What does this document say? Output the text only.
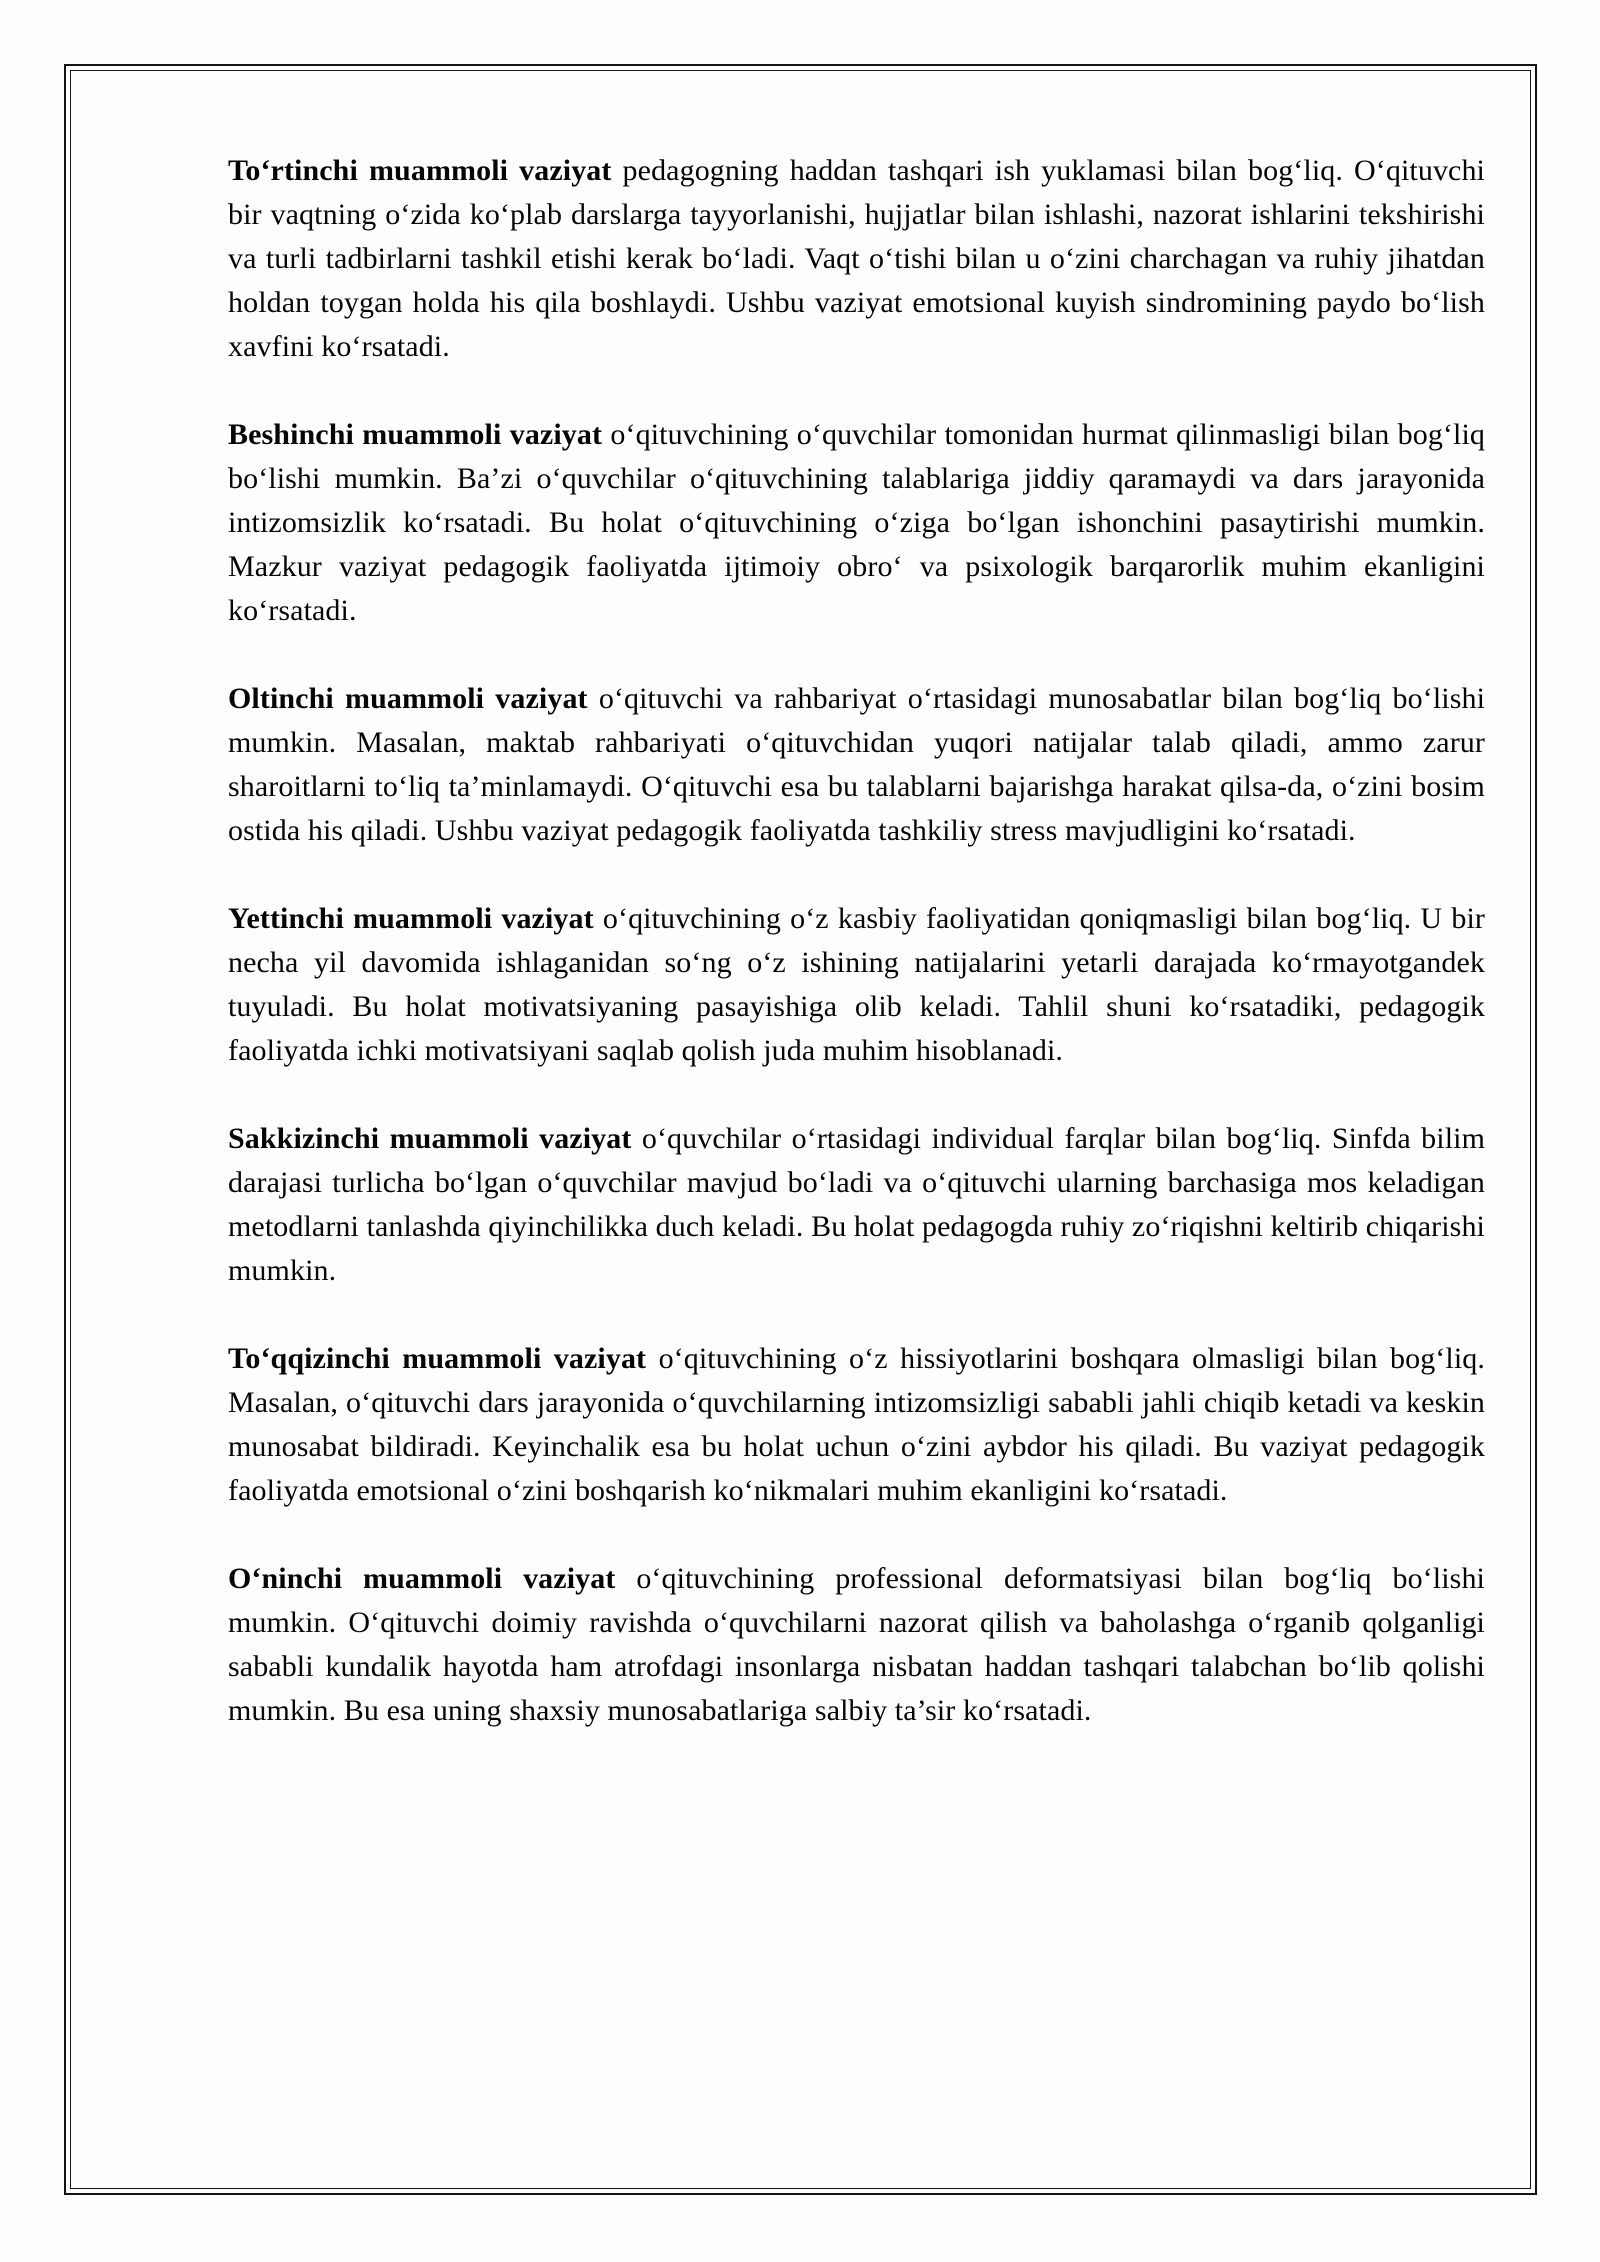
To‘rtinchi muammoli vaziyat pedagogning haddan tashqari ish yuklamasi bilan bog‘liq. O‘qituvchi bir vaqtning o‘zida ko‘plab darslarga tayyorlanishi, hujjatlar bilan ishlashi, nazorat ishlarini tekshirishi va turli tadbirlarni tashkil etishi kerak bo‘ladi. Vaqt o‘tishi bilan u o‘zini charchagan va ruhiy jihatdan holdan toygan holda his qila boshlaydi. Ushbu vaziyat emotsional kuyish sindromining paydo bo‘lish xavfini ko‘rsatadi.

Beshinchi muammoli vaziyat o‘qituvchining o‘quvchilar tomonidan hurmat qilinmasligi bilan bog‘liq bo‘lishi mumkin. Ba’zi o‘quvchilar o‘qituvchining talablariga jiddiy qaramaydi va dars jarayonida intizomsizlik ko‘rsatadi. Bu holat o‘qituvchining o‘ziga bo‘lgan ishonchini pasaytirishi mumkin. Mazkur vaziyat pedagogik faoliyatda ijtimoiy obro‘ va psixologik barqarorlik muhim ekanligini ko‘rsatadi.

Oltinchi muammoli vaziyat o‘qituvchi va rahbariyat o‘rtasidagi munosabatlar bilan bog‘liq bo‘lishi mumkin. Masalan, maktab rahbariyati o‘qituvchidan yuqori natijalar talab qiladi, ammo zarur sharoitlarni to‘liq ta’minlamaydi. O‘qituvchi esa bu talablarni bajarishga harakat qilsa-da, o‘zini bosim ostida his qiladi. Ushbu vaziyat pedagogik faoliyatda tashkiliy stress mavjudligini ko‘rsatadi.

Yettinchi muammoli vaziyat o‘qituvchining o‘z kasbiy faoliyatidan qoniqmasligi bilan bog‘liq. U bir necha yil davomida ishlaganidan so‘ng o‘z ishining natijalarini yetarli darajada ko‘rmayotgandek tuyuladi. Bu holat motivatsiyaning pasayishiga olib keladi. Tahlil shuni ko‘rsatadiki, pedagogik faoliyatda ichki motivatsiyani saqlab qolish juda muhim hisoblanadi.

Sakkizinchi muammoli vaziyat o‘quvchilar o‘rtasidagi individual farqlar bilan bog‘liq. Sinfda bilim darajasi turlicha bo‘lgan o‘quvchilar mavjud bo‘ladi va o‘qituvchi ularning barchasiga mos keladigan metodlarni tanlashda qiyinchilikka duch keladi. Bu holat pedagogda ruhiy zo‘riqishni keltirib chiqarishi mumkin.

To‘qqizinchi muammoli vaziyat o‘qituvchining o‘z hissiyotlarini boshqara olmasligi bilan bog‘liq. Masalan, o‘qituvchi dars jarayonida o‘quvchilarning intizomsizligi sababli jahli chiqib ketadi va keskin munosabat bildiradi. Keyinchalik esa bu holat uchun o‘zini aybdor his qiladi. Bu vaziyat pedagogik faoliyatda emotsional o‘zini boshqarish ko‘nikmalari muhim ekanligini ko‘rsatadi.

O‘ninchi muammoli vaziyat o‘qituvchining professional deformatsiyasi bilan bog‘liq bo‘lishi mumkin. O‘qituvchi doimiy ravishda o‘quvchilarni nazorat qilish va baholashga o‘rganib qolganligi sababli kundalik hayotda ham atrofdagi insonlarga nisbatan haddan tashqari talabchan bo‘lib qolishi mumkin. Bu esa uning shaxsiy munosabatlariga salbiy ta’sir ko‘rsatadi.
